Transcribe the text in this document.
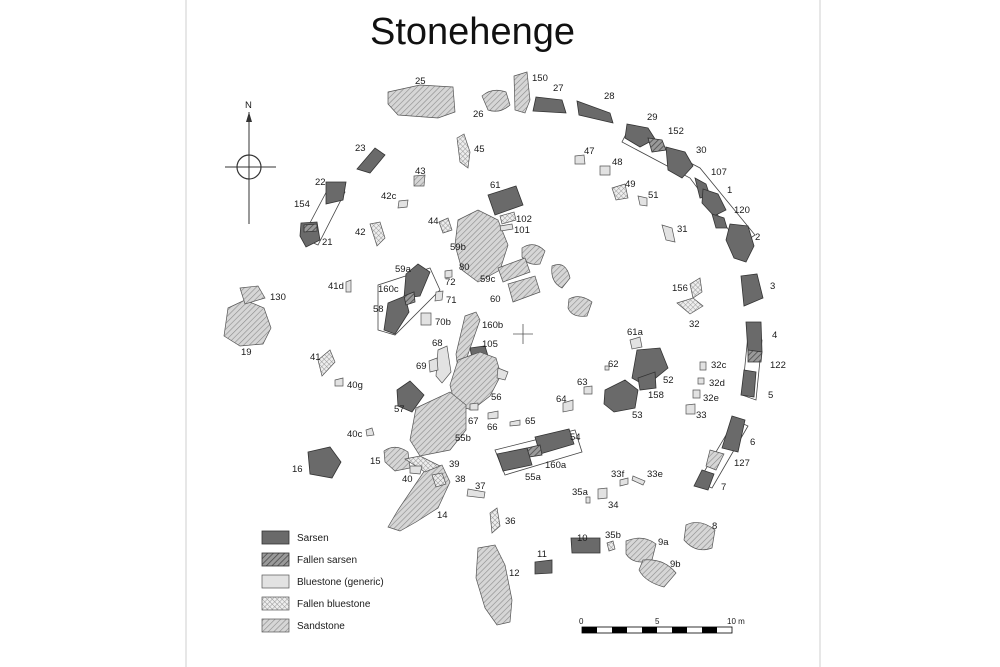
Stonehenge
N
25	150
26
27
28
29
152
30
107
1
120
2
31
3
4
122
5
6
127
7
8
9a
9b
10 35b
11
12
36
14
37
38
39
40
15
16
40c
40g
41
19
130
41d
42
21
154
22
23
42c
43
45
44
61
102
101
59b
80
72
71
70b
59a
160c
58
59c
60
160b
68	105
69
56
57
67
66
65
55b
64
63
61a
62
52
158
53
54
160a
55a	33f 33e
35a
34
33
32e
32d
32c
156
32
51
49
48
47
Sarsen
Fallen sarsen
Bluestone (generic)
Fallen bluestone
Sandstone	0	5	10 m
